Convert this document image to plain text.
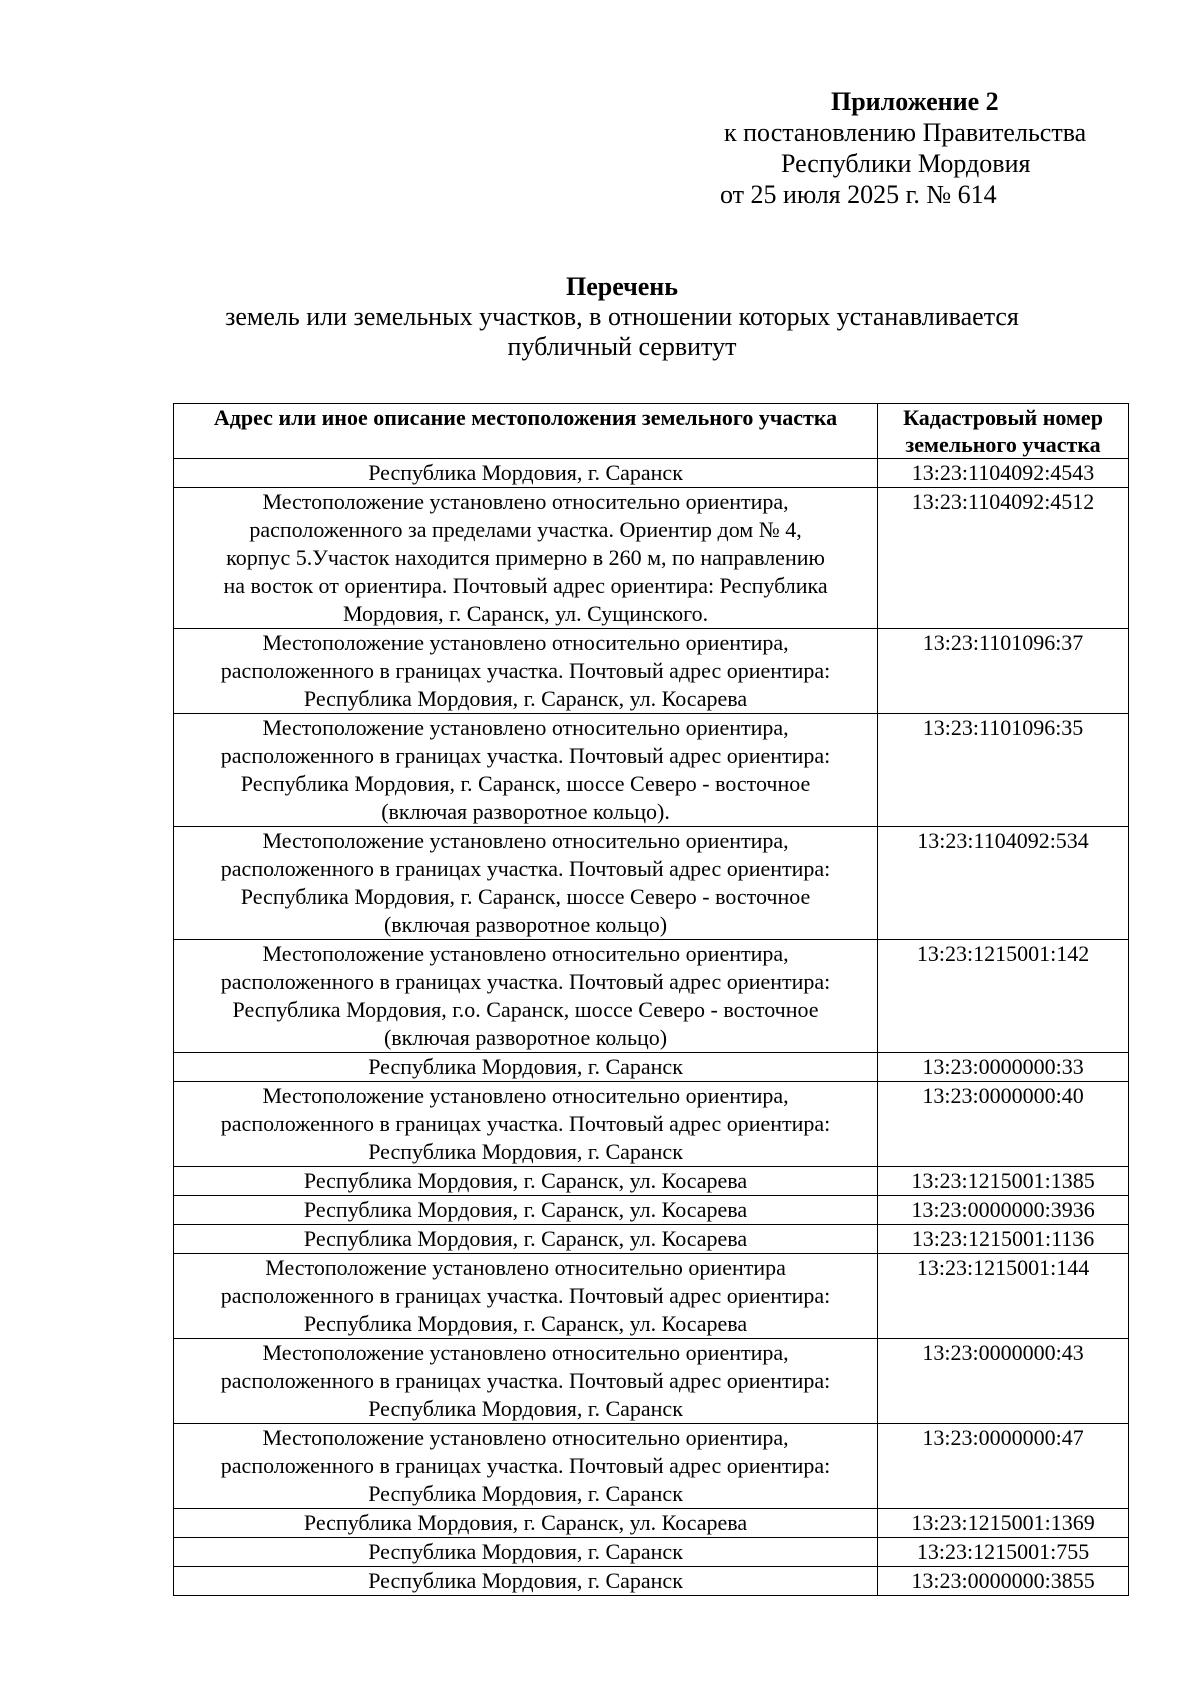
Приложение 2
к постановлению Правительства
Республики Мордовия
от 25 июля 2025 г. № 614
Перечень
земель или земельных участков, в отношении которых устанавливается
публичный сервитут
Адрес или иное описание местоположения земельного участка	Кадастровый номер земельного участка

Республика Мордовия, г. Саранск	13:23:1104092:4543

Местоположение установлено относительно ориентира,
расположенного за пределами участка. Ориентир дом № 4,
корпус 5.Участок находится примерно в 260 м, по направлению
на восток от ориентира. Почтовый адрес ориентира: Республика
Мордовия, г. Саранск, ул. Сущинского.	13:23:1104092:4512

Местоположение установлено относительно ориентира,
расположенного в границах участка. Почтовый адрес ориентира:
Республика Мордовия, г. Саранск, ул. Косарева	13:23:1101096:37

Местоположение установлено относительно ориентира,
расположенного в границах участка. Почтовый адрес ориентира:
Республика Мордовия, г. Саранск, шоссе Северо - восточное
(включая разворотное кольцо).	13:23:1101096:35

Местоположение установлено относительно ориентира,
расположенного в границах участка. Почтовый адрес ориентира:
Республика Мордовия, г. Саранск, шоссе Северо - восточное
(включая разворотное кольцо)	13:23:1104092:534

Местоположение установлено относительно ориентира,
расположенного в границах участка. Почтовый адрес ориентира:
Республика Мордовия, г.о. Саранск, шоссе Северо - восточное
(включая разворотное кольцо)	13:23:1215001:142

Республика Мордовия, г. Саранск	13:23:0000000:33

Местоположение установлено относительно ориентира,
расположенного в границах участка. Почтовый адрес ориентира:
Республика Мордовия, г. Саранск	13:23:0000000:40

Республика Мордовия, г. Саранск, ул. Косарева	13:23:1215001:1385

Республика Мордовия, г. Саранск, ул. Косарева	13:23:0000000:3936

Республика Мордовия, г. Саранск, ул. Косарева	13:23:1215001:1136

Местоположение установлено относительно ориентира
расположенного в границах участка. Почтовый адрес ориентира:
Республика Мордовия, г. Саранск, ул. Косарева	13:23:1215001:144

Местоположение установлено относительно ориентира,
расположенного в границах участка. Почтовый адрес ориентира:
Республика Мордовия, г. Саранск	13:23:0000000:43

Местоположение установлено относительно ориентира,
расположенного в границах участка. Почтовый адрес ориентира:
Республика Мордовия, г. Саранск	13:23:0000000:47

Республика Мордовия, г. Саранск, ул. Косарева	13:23:1215001:1369

Республика Мордовия, г. Саранск	13:23:1215001:755

Республика Мордовия, г. Саранск	13:23:0000000:3855
